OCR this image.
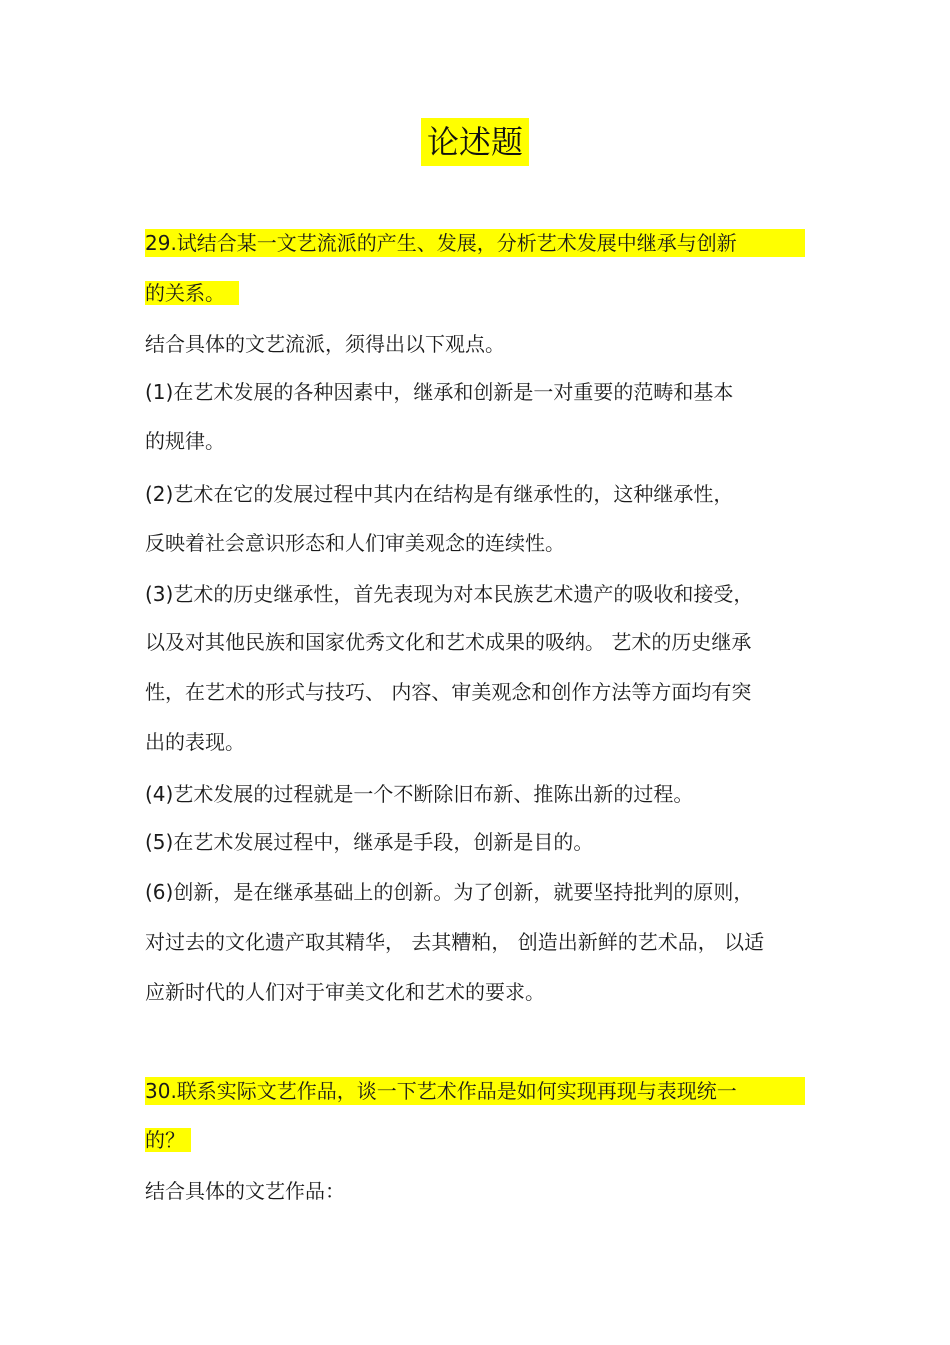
论述题
29.试结合某一文艺流派的产生、发展，分析艺术发展中继承与创新
的关系。
结合具体的文艺流派，须得出以下观点。
(1)在艺术发展的各种因素中，继承和创新是一对重要的范畴和基本
的规律。
(2)艺术在它的发展过程中其内在结构是有继承性的，这种继承性，
反映着社会意识形态和人们审美观念的连续性。
(3)艺术的历史继承性，首先表现为对本民族艺术遗产的吸收和接受，
以及对其他民族和国家优秀文化和艺术成果的吸纳。 艺术的历史继承
性，在艺术的形式与技巧、 内容、审美观念和创作方法等方面均有突
出的表现。
(4)艺术发展的过程就是一个不断除旧布新、推陈出新的过程。
(5)在艺术发展过程中，继承是手段，创新是目的。
(6)创新，是在继承基础上的创新。为了创新，就要坚持批判的原则，
对过去的文化遗产取其精华， 去其糟粕， 创造出新鲜的艺术品， 以适
应新时代的人们对于审美文化和艺术的要求。
30.联系实际文艺作品，谈一下艺术作品是如何实现再现与表现统一
的？
结合具体的文艺作品：
